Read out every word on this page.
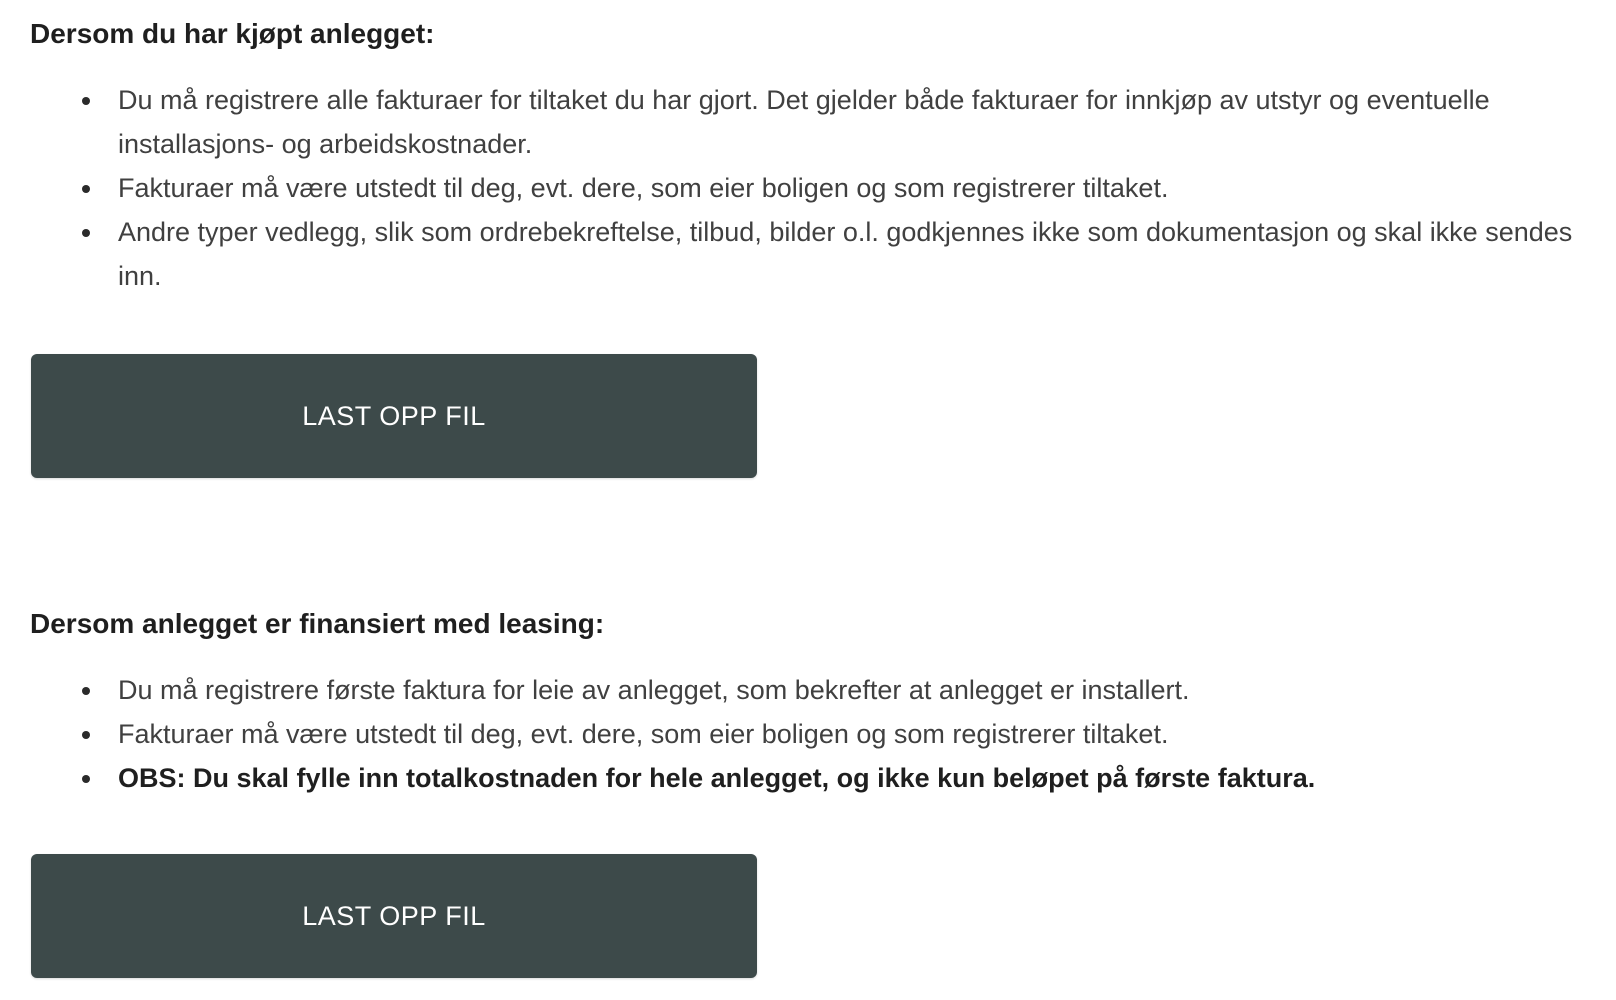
Dersom du har kjøpt anlegget:
Du må registrere alle fakturaer for tiltaket du har gjort. Det gjelder både fakturaer for innkjøp av utstyr og eventuelle installasjons- og arbeidskostnader.
Fakturaer må være utstedt til deg, evt. dere, som eier boligen og som registrerer tiltaket.
Andre typer vedlegg, slik som ordrebekreftelse, tilbud, bilder o.l. godkjennes ikke som dokumentasjon og skal ikke sendes inn.
LAST OPP FIL
Dersom anlegget er finansiert med leasing:
Du må registrere første faktura for leie av anlegget, som bekrefter at anlegget er installert.
Fakturaer må være utstedt til deg, evt. dere, som eier boligen og som registrerer tiltaket.
OBS: Du skal fylle inn totalkostnaden for hele anlegget, og ikke kun beløpet på første faktura.
LAST OPP FIL
